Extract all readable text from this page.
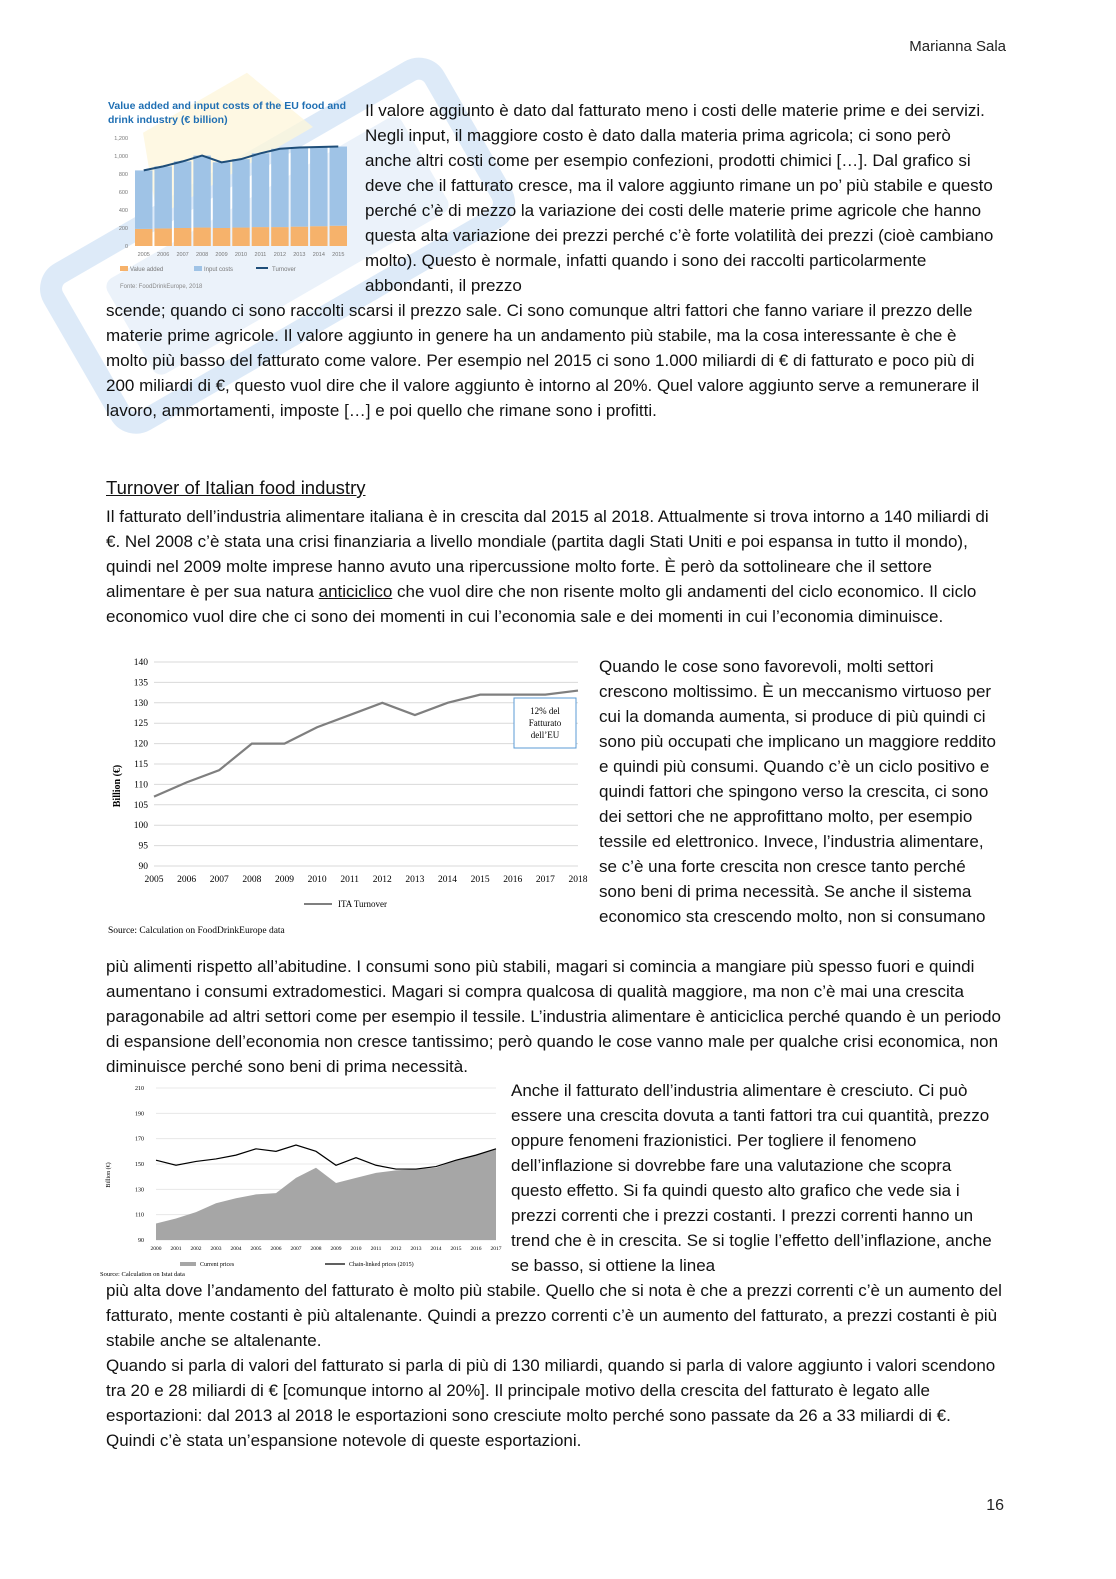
Marianna Sala
Value added and input costs of the EU food and
drink industry (€ billion)
1,200
1,000
800
600
400
200
0
2005 2006 2007 2008 2009 2010 2011 2012 2013 2014 2015
Value added	Input costs	Turnover
Fonte: FoodDrinkEurope, 2018

Il valore aggiunto è dato dal fatturato meno i costi delle materie prime e dei servizi. Negli input, il maggiore costo è dato dalla materia prima agricola; ci sono però anche altri costi come per esempio confezioni, prodotti chimici […]. Dal grafico si deve che il fatturato cresce, ma il valore aggiunto rimane un po’ più stabile e questo perché c’è di mezzo la variazione dei costi delle materie prime agricole che hanno questa alta variazione dei prezzi perché c’è forte volatilità dei prezzi (cioè cambiano molto). Questo è normale, infatti quando i sono dei raccolti particolarmente abbondanti, il prezzo

scende; quando ci sono raccolti scarsi il prezzo sale. Ci sono comunque altri fattori che fanno variare il prezzo delle materie prime agricole. Il valore aggiunto in genere ha un andamento più stabile, ma la cosa interessante è che è molto più basso del fatturato come valore. Per esempio nel 2015 ci sono 1.000 miliardi di € di fatturato e poco più di 200 miliardi di €, questo vuol dire che il valore aggiunto è intorno al 20%. Quel valore aggiunto serve a remunerare il lavoro, ammortamenti, imposte […] e poi quello che rimane sono i profitti.

Turnover of Italian food industry

Il fatturato dell’industria alimentare italiana è in crescita dal 2015 al 2018. Attualmente si trova intorno a 140 miliardi di €. Nel 2008 c’è stata una crisi finanziaria a livello mondiale (partita dagli Stati Uniti e poi espansa in tutto il mondo), quindi nel 2009 molte imprese hanno avuto una ripercussione molto forte. È però da sottolineare che il settore alimentare è per sua natura anticiclico che vuol dire che non risente molto gli andamenti del ciclo economico. Il ciclo economico vuol dire che ci sono dei momenti in cui l’economia sale e dei momenti in cui l’economia diminuisce.

Billion (€)
140
135
130
125
120
115
110
105
100
95
90
2005 2006 2007 2008 2009 2010 2011 2012 2013 2014 2015 2016 2017 2018
12% del
Fatturato
dell’EU
ITA Turnover
Source: Calculation on FoodDrinkEurope data

Quando le cose sono favorevoli, molti settori crescono moltissimo. È un meccanismo virtuoso per cui la domanda aumenta, si produce di più quindi ci sono più occupati che implicano un maggiore reddito e quindi più consumi. Quando c’è un ciclo positivo e quindi fattori che spingono verso la crescita, ci sono dei settori che ne approfittano molto, per esempio tessile ed elettronico. Invece, l’industria alimentare, se c’è una forte crescita non cresce tanto perché sono beni di prima necessità. Se anche il sistema economico sta crescendo molto, non si consumano

più alimenti rispetto all’abitudine. I consumi sono più stabili, magari si comincia a mangiare più spesso fuori e quindi aumentano i consumi extradomestici. Magari si compra qualcosa di qualità maggiore, ma non c’è mai una crescita paragonabile ad altri settori come per esempio il tessile. L’industria alimentare è anticiclica perché quando è un periodo di espansione dell’economia non cresce tantissimo; però quando le cose vanno male per qualche crisi economica, non diminuisce perché sono beni di prima necessità.

Billion (€)
210
190
170
150
130
110
90
2000 2001 2002 2003 2004 2005 2006 2007 2008 2009 2010 2011 2012 2013 2014 2015 2016 2017
Current prices	Chain-linked prices (2015)
Source: Calculation on Istat data

Anche il fatturato dell’industria alimentare è cresciuto. Ci può essere una crescita dovuta a tanti fattori tra cui quantità, prezzo oppure fenomeni frazionistici. Per togliere il fenomeno dell’inflazione si dovrebbe fare una valutazione che scopra questo effetto. Si fa quindi questo alto grafico che vede sia i prezzi correnti che i prezzi costanti. I prezzi correnti hanno un trend che è in crescita. Se si toglie l’effetto dell’inflazione, anche se basso, si ottiene la linea

più alta dove l’andamento del fatturato è molto più stabile. Quello che si nota è che a prezzi correnti c’è un aumento del fatturato, mente costanti è più altalenante. Quindi a prezzo correnti c’è un aumento del fatturato, a prezzi costanti è più stabile anche se altalenante.

Quando si parla di valori del fatturato si parla di più di 130 miliardi, quando si parla di valore aggiunto i valori scendono tra 20 e 28 miliardi di € [comunque intorno al 20%]. Il principale motivo della crescita del fatturato è legato alle esportazioni: dal 2013 al 2018 le esportazioni sono cresciute molto perché sono passate da 26 a 33 miliardi di €. Quindi c’è stata un’espansione notevole di queste esportazioni.

16
